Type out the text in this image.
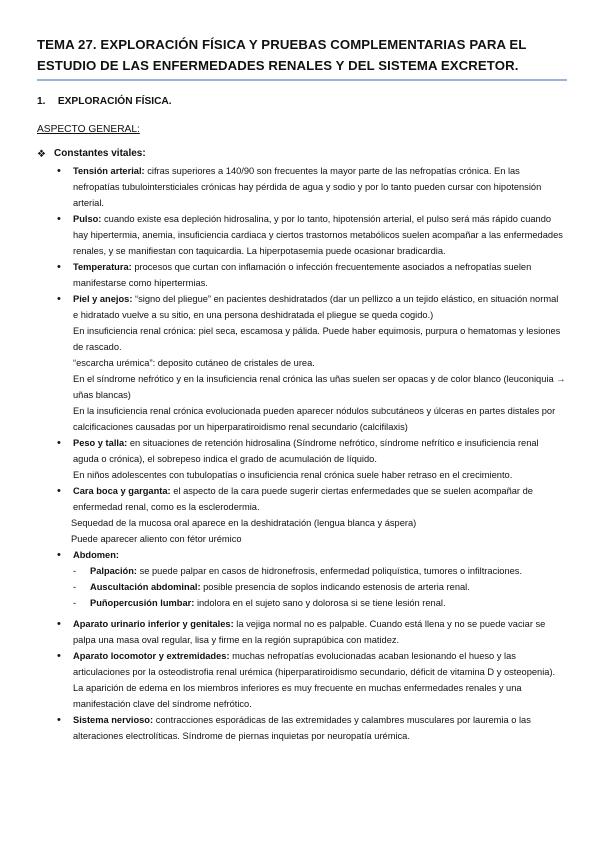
TEMA 27. EXPLORACIÓN FÍSICA Y PRUEBAS COMPLEMENTARIAS PARA EL ESTUDIO DE LAS ENFERMEDADES RENALES Y DEL SISTEMA EXCRETOR.
1. EXPLORACIÓN FÍSICA.
ASPECTO GENERAL:
❖ Constantes vitales:
• Tensión arterial: cifras superiores a 140/90 son frecuentes la mayor parte de las nefropatías crónica. En las nefropatías tubulointersticiales crónicas hay pérdida de agua y sodio y por lo tanto pueden cursar con hipotensión arterial.
• Pulso: cuando existe esa depleción hidrosalina, y por lo tanto, hipotensión arterial, el pulso será más rápido cuando hay hipertermia, anemia, insuficiencia cardiaca y ciertos trastornos metabólicos suelen acompañar a las enfermedades renales, y se manifiestan con taquicardia. La hiperpotasemia puede ocasionar bradicardia.
• Temperatura: procesos que curtan con inflamación o infección frecuentemente asociados a nefropatías suelen manifestarse como hipertermias.
• Piel y anejos: “signo del pliegue” en pacientes deshidratados (dar un pellizco a un tejido elástico, en situación normal e hidratado vuelve a su sitio, en una persona deshidratada el pliegue se queda cogido.)
En insuficiencia renal crónica: piel seca, escamosa y pálida. Puede haber equimosis, purpura o hematomas y lesiones de rascado.
“escarcha urémica”: deposito cutáneo de cristales de urea.
En el síndrome nefrótico y en la insuficiencia renal crónica las uñas suelen ser opacas y de color blanco (leuconiquia → uñas blancas)
En la insuficiencia renal crónica evolucionada pueden aparecer nódulos subcutáneos y úlceras en partes distales por calcificaciones causadas por un hiperparatiroidismo renal secundario (calcifilaxis)
• Peso y talla: en situaciones de retención hidrosalina (Síndrome nefrótico, síndrome nefrítico e insuficiencia renal aguda o crónica), el sobrepeso indica el grado de acumulación de líquido.
En niños adolescentes con tubulopatías o insuficiencia renal crónica suele haber retraso en el crecimiento.
• Cara boca y garganta: el aspecto de la cara puede sugerir ciertas enfermedades que se suelen acompañar de enfermedad renal, como es la esclerodermia.
Sequedad de la mucosa oral aparece en la deshidratación (lengua blanca y áspera)
Puede aparecer aliento con fétor urémico
• Abdomen:
- Palpación: se puede palpar en casos de hidronefrosis, enfermedad poliquística, tumores o infiltraciones.
- Auscultación abdominal: posible presencia de soplos indicando estenosis de arteria renal.
- Puñopercusión lumbar: indolora en el sujeto sano y dolorosa si se tiene lesión renal.
• Aparato urinario inferior y genitales: la vejiga normal no es palpable. Cuando está llena y no se puede vaciar se palpa una masa oval regular, lisa y firme en la región suprapúbica con matidez.
• Aparato locomotor y extremidades: muchas nefropatías evolucionadas acaban lesionando el hueso y las articulaciones por la osteodistrofia renal urémica (hiperparatiroidismo secundario, déficit de vitamina D y osteopenia). La aparición de edema en los miembros inferiores es muy frecuente en muchas enfermedades renales y una manifestación clave del síndrome nefrótico.
• Sistema nervioso: contracciones esporádicas de las extremidades y calambres musculares por lauremia o las alteraciones electrolíticas. Síndrome de piernas inquietas por neuropatía urémica.
